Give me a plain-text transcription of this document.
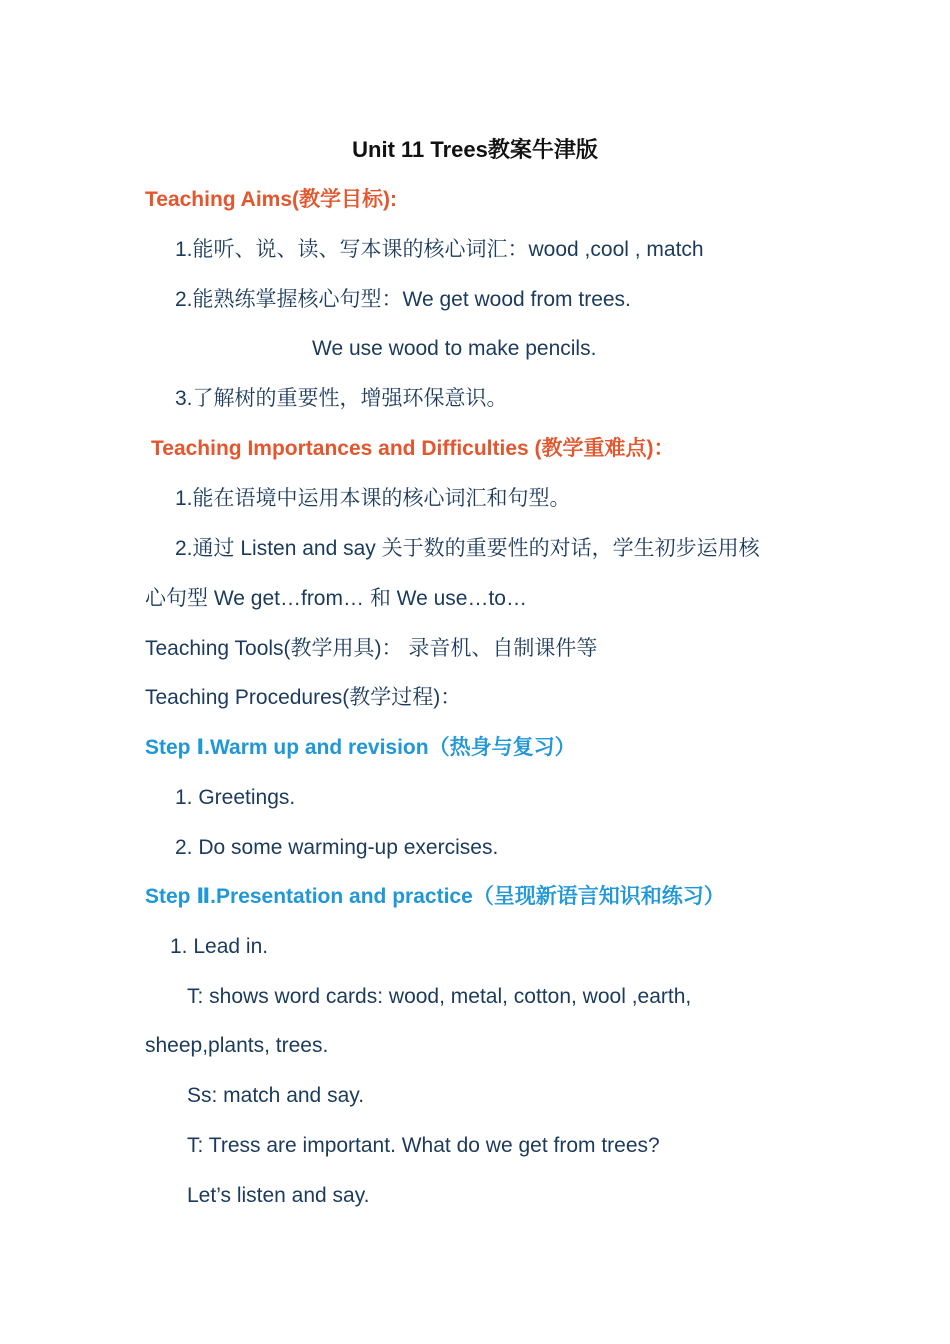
Unit 11 Trees教案牛津版
Teaching Aims(教学目标):
1.能听、说、读、写本课的核心词汇：wood ,cool , match
2.能熟练掌握核心句型：We get wood from trees.
We use wood to make pencils.
3.了解树的重要性，增强环保意识。
Teaching Importances and Difficulties (教学重难点)：
1.能在语境中运用本课的核心词汇和句型。
2.通过 Listen and say 关于数的重要性的对话，学生初步运用核
心句型 We get…from… 和 We use…to…
Teaching Tools(教学用具)： 录音机、自制课件等
Teaching Procedures(教学过程)：
Step Ⅰ.Warm up and revision（热身与复习）
1. Greetings.
2. Do some warming-up exercises.
Step Ⅱ.Presentation and practice（呈现新语言知识和练习）
1. Lead in.
T: shows word cards: wood, metal, cotton, wool ,earth,
sheep,plants, trees.
Ss: match and say.
T: Tress are important. What do we get from trees?
Let’s listen and say.
